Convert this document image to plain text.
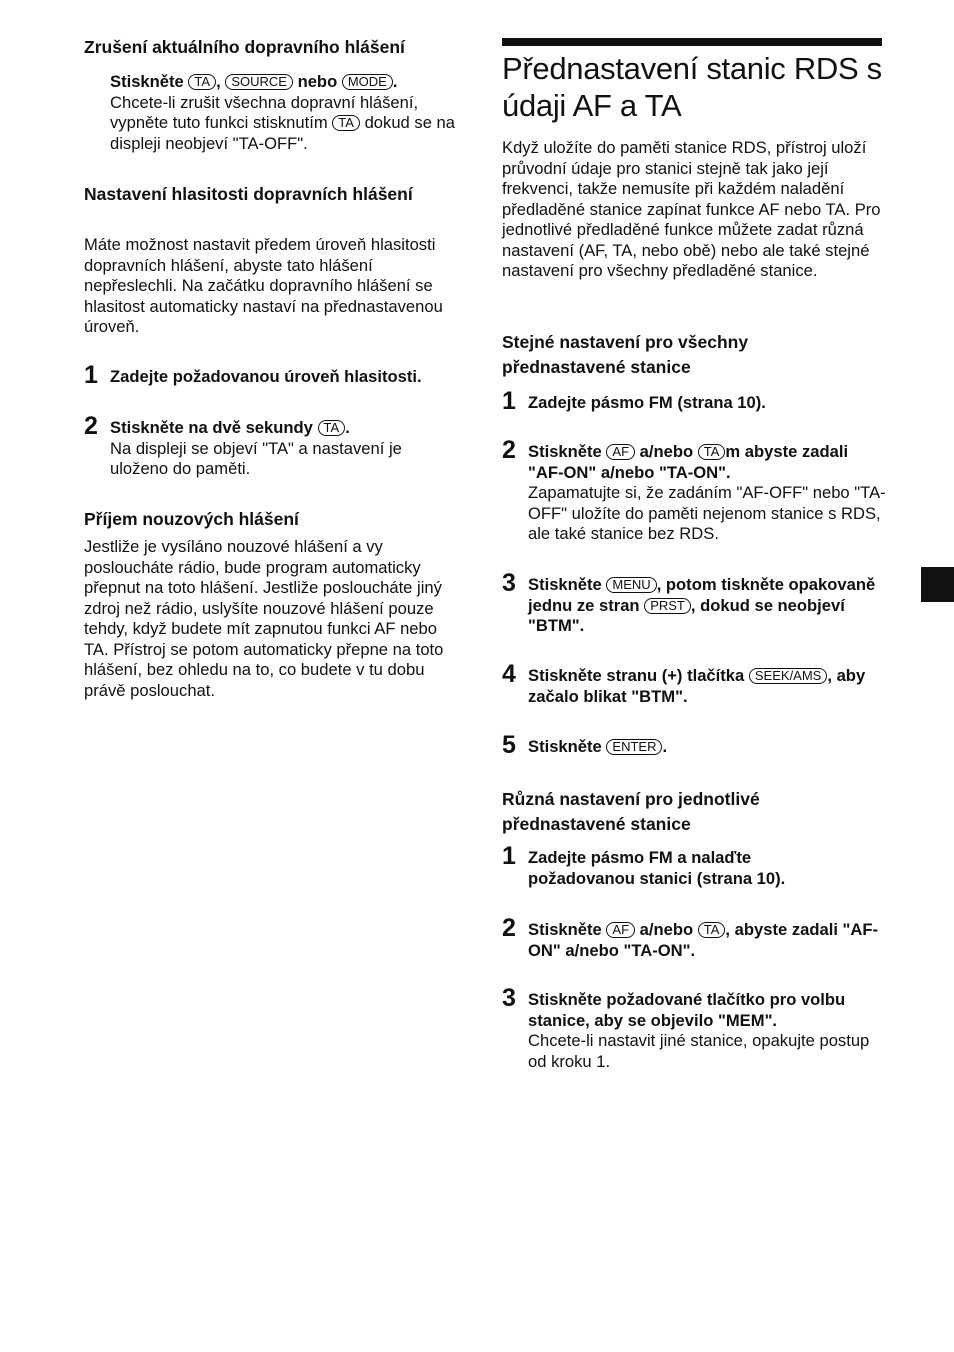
Zrušení aktuálního dopravního hlášení
Stiskněte TA , SOURCE nebo MODE .
Chcete-li zrušit všechna dopravní hlášení, vypněte tuto funkci stisknutím TA dokud se na displeji neobjeví "TA-OFF".
Nastavení hlasitosti dopravních hlášení

Máte možnost nastavit předem úroveň hlasitosti dopravních hlášení, abyste tato hlášení nepřeslechli. Na začátku dopravního hlášení se hlasitost automaticky nastaví na přednastavenou úroveň.

1 Zadejte požadovanou úroveň hlasitosti.
2 Stiskněte na dvě sekundy TA .
Na displeji se objeví "TA" a nastavení je uloženo do paměti.
Příjem nouzových hlášení

Jestliže je vysíláno nouzové hlášení a vy posloucháte rádio, bude program automaticky přepnut na toto hlášení. Jestliže posloucháte jiný zdroj než rádio, uslyšíte nouzové hlášení pouze tehdy, když budete mít zapnutou funkci AF nebo TA. Přístroj se potom automaticky přepne na toto hlášení, bez ohledu na to, co budete v tu dobu právě poslouchat.

Přednastavení stanic RDS s údaji AF a TA

Když uložíte do paměti stanice RDS, přístroj uloží průvodní údaje pro stanici stejně tak jako její frekvenci, takže nemusíte při každém naladění předladěné stanice zapínat funkce AF nebo TA. Pro jednotlivé předladěné funkce můžete zadat různá nastavení (AF, TA, nebo obě) nebo ale také stejné nastavení pro všechny předladěné stanice.

Stejné nastavení pro všechny přednastavené stanice
1 Zadejte pásmo FM (strana 10).
2 Stiskněte AF a/nebo TA m abyste zadali "AF-ON" a/nebo "TA-ON".
Zapamatujte si, že zadáním "AF-OFF" nebo "TA-OFF" uložíte do paměti nejenom stanice s RDS, ale také stanice bez RDS.
3 Stiskněte MENU , potom tiskněte opakovaně jednu ze stran PRST , dokud se neobjeví "BTM".
4 Stiskněte stranu (+) tlačítka SEEK/AMS , aby začalo blikat "BTM".
5 Stiskněte ENTER .
Různá nastavení pro jednotlivé přednastavené stanice
1 Zadejte pásmo FM a nalaďte požadovanou stanici (strana 10).
2 Stiskněte AF a/nebo TA , abyste zadali "AF-ON" a/nebo "TA-ON".
3 Stiskněte požadované tlačítko pro volbu stanice, aby se objevilo "MEM".
Chcete-li nastavit jiné stanice, opakujte postup od kroku 1.
